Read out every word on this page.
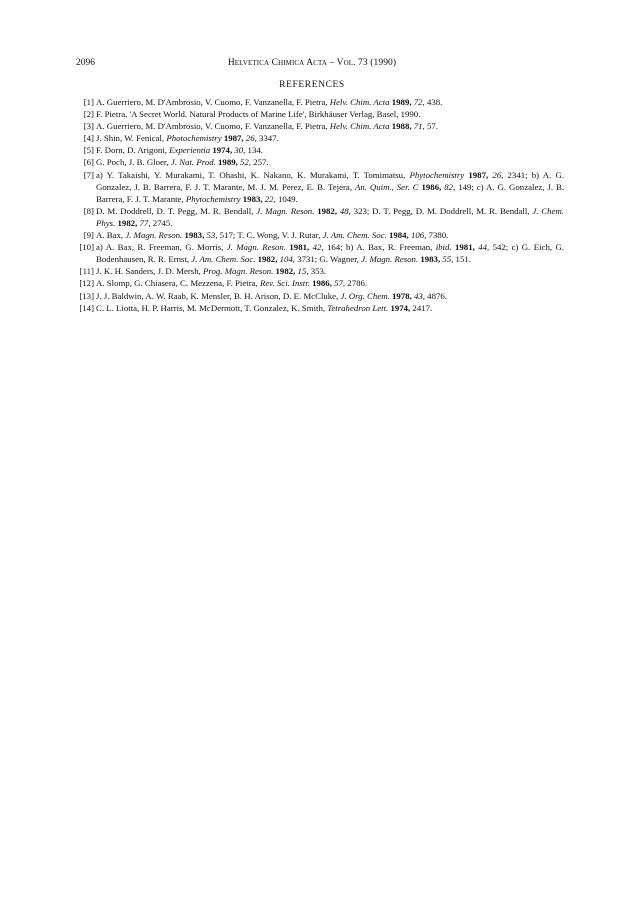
2096	Helvetica Chimica Acta – Vol. 73 (1990)
REFERENCES
[1] A. Guerriero, M. D'Ambrosio, V. Cuomo, F. Vanzanella, F. Pietra, Helv. Chim. Acta 1989, 72, 438.
[2] F. Pietra, 'A Secret World. Natural Products of Marine Life', Birkhäuser Verlag, Basel, 1990.
[3] A. Guerriero, M. D'Ambrosio, V. Cuomo, F. Vanzanella, F. Pietra, Helv. Chim. Acta 1988, 71, 57.
[4] J. Shin, W. Fenical, Photochemistry 1987, 26, 3347.
[5] F. Dorn, D. Arigoni, Experientia 1974, 30, 134.
[6] G. Poch, J. B. Gloer, J. Nat. Prod. 1989, 52, 257.
[7] a) Y. Takaishi, Y. Murakami, T. Ohashi, K. Nakano, K. Murakami, T. Tomimatsu, Phytochemistry 1987, 26, 2341; b) A. G. Gonzalez, J. B. Barrera, F. J. T. Marante, M. J. M. Perez, E. B. Tejera, An. Quim., Ser. C 1986, 82, 149; c) A. G. Gonzalez, J. B. Barrera, F. J. T. Marante, Phytochemistry 1983, 22, 1049.
[8] D. M. Doddrell, D. T. Pegg, M. R. Bendall, J. Magn. Reson. 1982, 48, 323; D. T. Pegg, D. M. Doddrell, M. R. Bendall, J. Chem. Phys. 1982, 77, 2745.
[9] A. Bax, J. Magn. Reson. 1983, 53, 517; T. C. Wong, V. J. Rutar, J. Am. Chem. Soc. 1984, 106, 7380.
[10] a) A. Bax, R. Freeman, G. Morris, J. Magn. Reson. 1981, 42, 164; b) A. Bax, R. Freeman, ibid. 1981, 44, 542; c) G. Eich, G. Bodenhausen, R. R. Ernst, J. Am. Chem. Soc. 1982, 104, 3731; G. Wagner, J. Magn. Reson. 1983, 55, 151.
[11] J. K. H. Sanders, J. D. Mersh, Prog. Magn. Reson. 1982, 15, 353.
[12] A. Slomp, G. Chiasera, C. Mezzena, F. Pietra, Rev. Sci. Instr. 1986, 57, 2786.
[13] J. J. Baldwin, A. W. Raab, K. Mensler, B. H. Arison, D. E. McCluke, J. Org. Chem. 1978, 43, 4876.
[14] C. L. Liotta, H. P. Harris, M. McDermott, T. Gonzalez, K. Smith, Tetrahedron Lett. 1974, 2417.
